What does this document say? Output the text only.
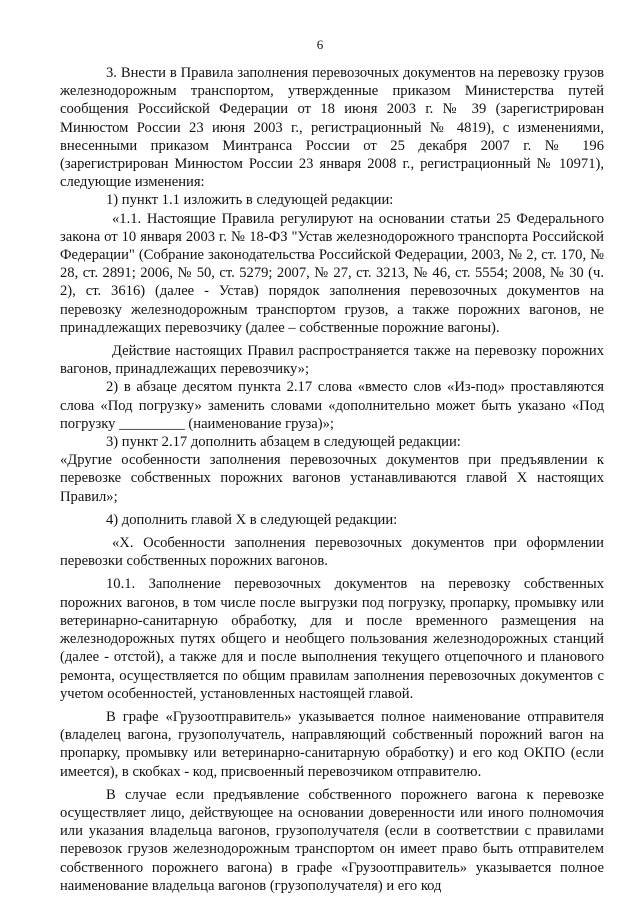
6

3. Внести в Правила заполнения перевозочных документов на перевозку грузов железнодорожным транспортом, утвержденные приказом Министерства путей сообщения Российской Федерации от 18 июня 2003 г. № 39 (зарегистрирован Минюстом России 23 июня 2003 г., регистрационный № 4819), с изменениями, внесенными приказом Минтранса России от 25 декабря 2007 г. № 196 (зарегистрирован Минюстом России 23 января 2008 г., регистрационный № 10971), следующие изменения:

1) пункт 1.1 изложить в следующей редакции:

«1.1. Настоящие Правила регулируют на основании статьи 25 Федерального закона от 10 января 2003 г. № 18-ФЗ "Устав железнодорожного транспорта Российской Федерации" (Собрание законодательства Российской Федерации, 2003, № 2, ст. 170, № 28, ст. 2891; 2006, № 50, ст. 5279; 2007, № 27, ст. 3213, № 46, ст. 5554; 2008, № 30 (ч. 2), ст. 3616) (далее - Устав) порядок заполнения перевозочных документов на перевозку железнодорожным транспортом грузов, а также порожних вагонов, не принадлежащих перевозчику (далее – собственные порожние вагоны).

Действие настоящих Правил распространяется также на перевозку порожних вагонов, принадлежащих перевозчику»;

2) в абзаце десятом пункта 2.17 слова «вместо слов «Из-под» проставляются слова «Под погрузку» заменить словами «дополнительно может быть указано «Под погрузку _________ (наименование груза)»;

3) пункт 2.17 дополнить абзацем в следующей редакции:

«Другие особенности заполнения перевозочных документов при предъявлении к перевозке собственных порожних вагонов устанавливаются главой X настоящих Правил»;

4) дополнить главой X в следующей редакции:

«X. Особенности заполнения перевозочных документов при оформлении перевозки собственных порожних вагонов.

10.1. Заполнение перевозочных документов на перевозку собственных порожних вагонов, в том числе после выгрузки под погрузку, пропарку, промывку или ветеринарно-санитарную обработку, для и после временного размещения на железнодорожных путях общего и необщего пользования железнодорожных станций (далее - отстой), а также для и после выполнения текущего отцепочного и планового ремонта, осуществляется по общим правилам заполнения перевозочных документов с учетом особенностей, установленных настоящей главой.

В графе «Грузоотправитель» указывается полное наименование отправителя (владелец вагона, грузополучатель, направляющий собственный порожний вагон на пропарку, промывку или ветеринарно-санитарную обработку) и его код ОКПО (если имеется), в скобках - код, присвоенный перевозчиком отправителю.

В случае если предъявление собственного порожнего вагона к перевозке осуществляет лицо, действующее на основании доверенности или иного полномочия или указания владельца вагонов, грузополучателя (если в соответствии с правилами перевозок грузов железнодорожным транспортом он имеет право быть отправителем собственного порожнего вагона) в графе «Грузоотправитель» указывается полное наименование владельца вагонов (грузополучателя) и его код
